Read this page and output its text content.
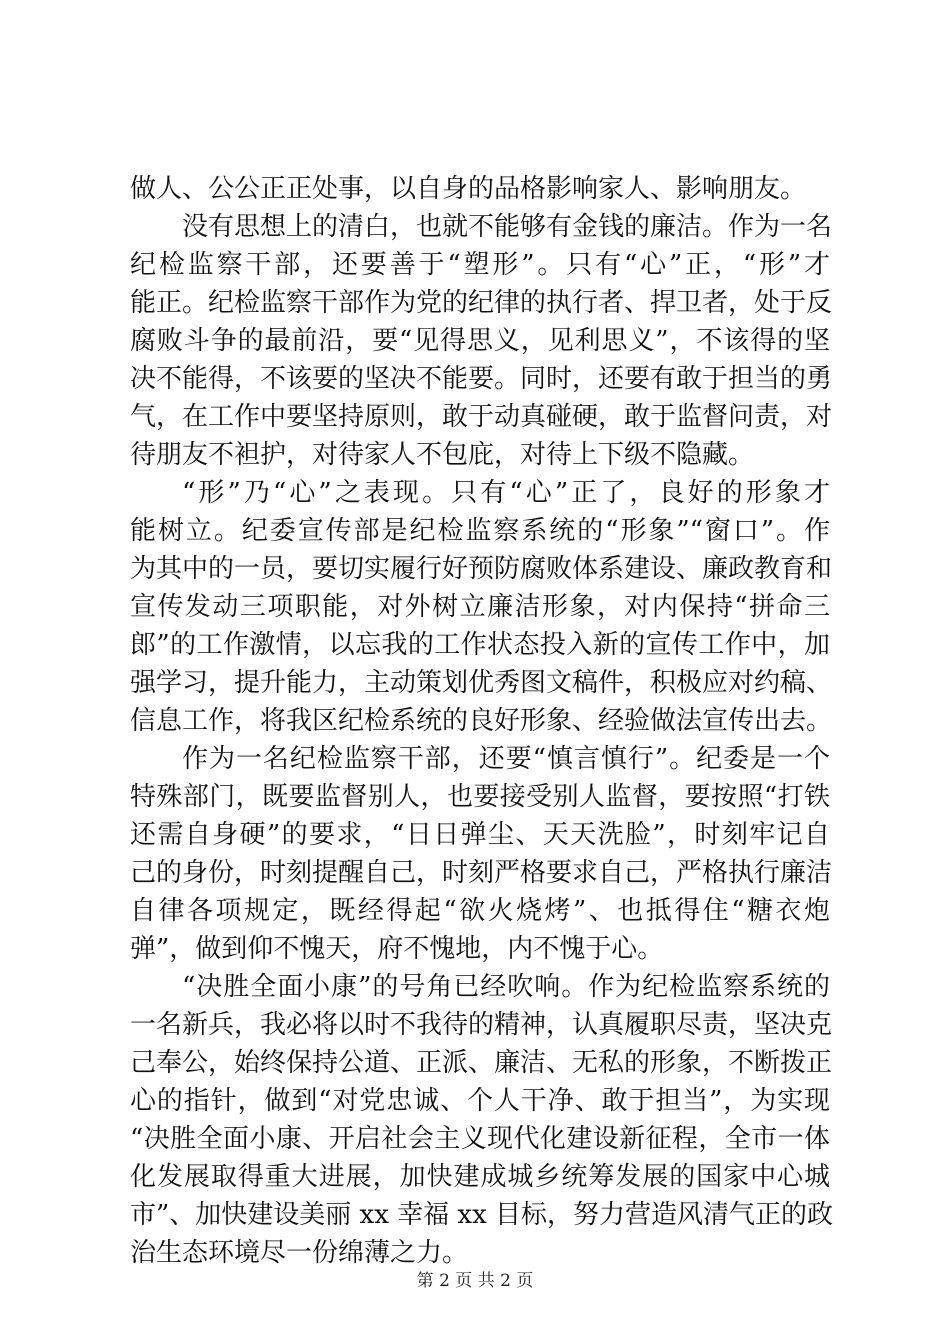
做人、公公正正处事，以自身的品格影响家人、影响朋友。
没有思想上的清白，也就不能够有金钱的廉洁。作为一名
纪检监察干部，还要善于“塑形”。只有“心”正，“形”才
能正。纪检监察干部作为党的纪律的执行者、捍卫者，处于反
腐败斗争的最前沿，要“见得思义，见利思义”，不该得的坚
决不能得，不该要的坚决不能要。同时，还要有敢于担当的勇
气，在工作中要坚持原则，敢于动真碰硬，敢于监督问责，对
待朋友不袒护，对待家人不包庇，对待上下级不隐藏。
“形”乃“心”之表现。只有“心”正了，良好的形象才
能树立。纪委宣传部是纪检监察系统的“形象”“窗口”。作
为其中的一员，要切实履行好预防腐败体系建设、廉政教育和
宣传发动三项职能，对外树立廉洁形象，对内保持“拼命三
郎”的工作激情，以忘我的工作状态投入新的宣传工作中，加
强学习，提升能力，主动策划优秀图文稿件，积极应对约稿、
信息工作，将我区纪检系统的良好形象、经验做法宣传出去。
作为一名纪检监察干部，还要“慎言慎行”。纪委是一个
特殊部门，既要监督别人，也要接受别人监督，要按照“打铁
还需自身硬”的要求，“日日弹尘、天天洗脸”，时刻牢记自
己的身份，时刻提醒自己，时刻严格要求自己，严格执行廉洁
自律各项规定，既经得起“欲火烧烤”、也抵得住“糖衣炮
弹”，做到仰不愧天，府不愧地，内不愧于心。
“决胜全面小康”的号角已经吹响。作为纪检监察系统的
一名新兵，我必将以时不我待的精神，认真履职尽责，坚决克
己奉公，始终保持公道、正派、廉洁、无私的形象，不断拨正
心的指针，做到“对党忠诚、个人干净、敢于担当”，为实现
“决胜全面小康、开启社会主义现代化建设新征程，全市一体
化发展取得重大进展，加快建成城乡统筹发展的国家中心城
市”、加快建设美丽 xx 幸福 xx 目标，努力营造风清气正的政
治生态环境尽一份绵薄之力。
第 2 页 共 2 页
